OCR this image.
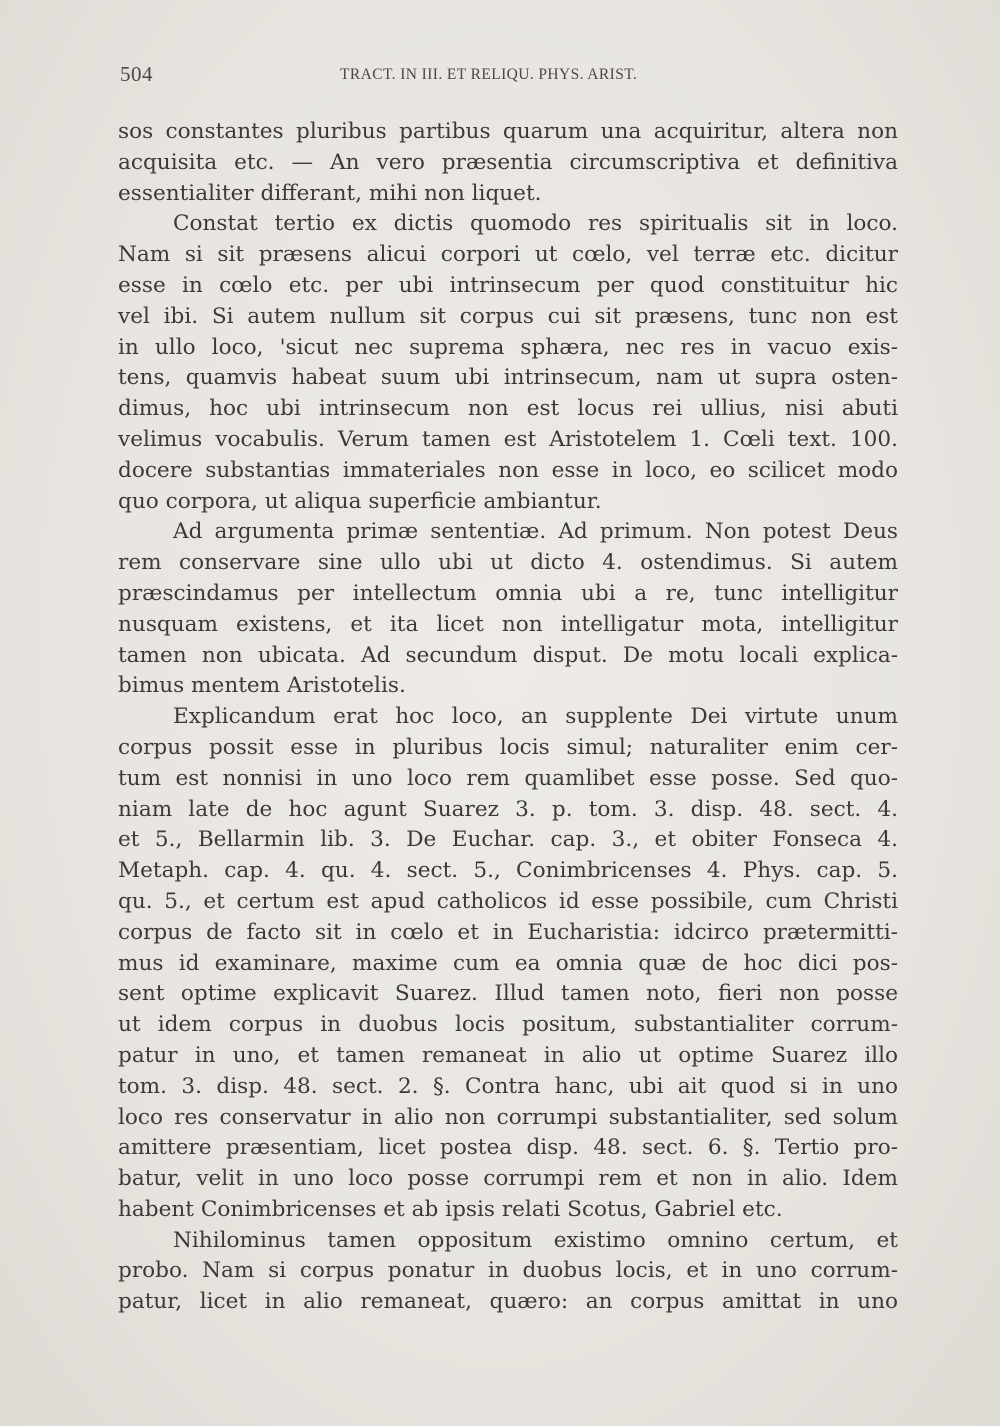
504	TRACT. IN III. ET RELIQU. PHYS. ARIST.
sos constantes pluribus partibus quarum una acquiritur, altera non
acquisita etc. — An vero præsentia circumscriptiva et definitiva
essentialiter differant, mihi non liquet.
Constat tertio ex dictis quomodo res spiritualis sit in loco.
Nam si sit præsens alicui corpori ut cœlo, vel terræ etc. dicitur
esse in cœlo etc. per ubi intrinsecum per quod constituitur hic
vel ibi. Si autem nullum sit corpus cui sit præsens, tunc non est
in ullo loco, 'sicut nec suprema sphæra, nec res in vacuo exis-
tens, quamvis habeat suum ubi intrinsecum, nam ut supra osten-
dimus, hoc ubi intrinsecum non est locus rei ullius, nisi abuti
velimus vocabulis. Verum tamen est Aristotelem 1. Cœli text. 100.
docere substantias immateriales non esse in loco, eo scilicet modo
quo corpora, ut aliqua superficie ambiantur.
Ad argumenta primæ sententiæ. Ad primum. Non potest Deus
rem conservare sine ullo ubi ut dicto 4. ostendimus. Si autem
præscindamus per intellectum omnia ubi a re, tunc intelligitur
nusquam existens, et ita licet non intelligatur mota, intelligitur
tamen non ubicata. Ad secundum disput. De motu locali explica-
bimus mentem Aristotelis.
Explicandum erat hoc loco, an supplente Dei virtute unum
corpus possit esse in pluribus locis simul; naturaliter enim cer-
tum est nonnisi in uno loco rem quamlibet esse posse. Sed quo-
niam late de hoc agunt Suarez 3. p. tom. 3. disp. 48. sect. 4.
et 5., Bellarmin lib. 3. De Euchar. cap. 3., et obiter Fonseca 4.
Metaph. cap. 4. qu. 4. sect. 5., Conimbricenses 4. Phys. cap. 5.
qu. 5., et certum est apud catholicos id esse possibile, cum Christi
corpus de facto sit in cœlo et in Eucharistia: idcirco prætermitti-
mus id examinare, maxime cum ea omnia quæ de hoc dici pos-
sent optime explicavit Suarez. Illud tamen noto, fieri non posse
ut idem corpus in duobus locis positum, substantialiter corrum-
patur in uno, et tamen remaneat in alio ut optime Suarez illo
tom. 3. disp. 48. sect. 2. §. Contra hanc, ubi ait quod si in uno
loco res conservatur in alio non corrumpi substantialiter, sed solum
amittere præsentiam, licet postea disp. 48. sect. 6. §. Tertio pro-
batur, velit in uno loco posse corrumpi rem et non in alio. Idem
habent Conimbricenses et ab ipsis relati Scotus, Gabriel etc.
Nihilominus tamen oppositum existimo omnino certum, et
probo. Nam si corpus ponatur in duobus locis, et in uno corrum-
patur, licet in alio remaneat, quæro: an corpus amittat in uno
